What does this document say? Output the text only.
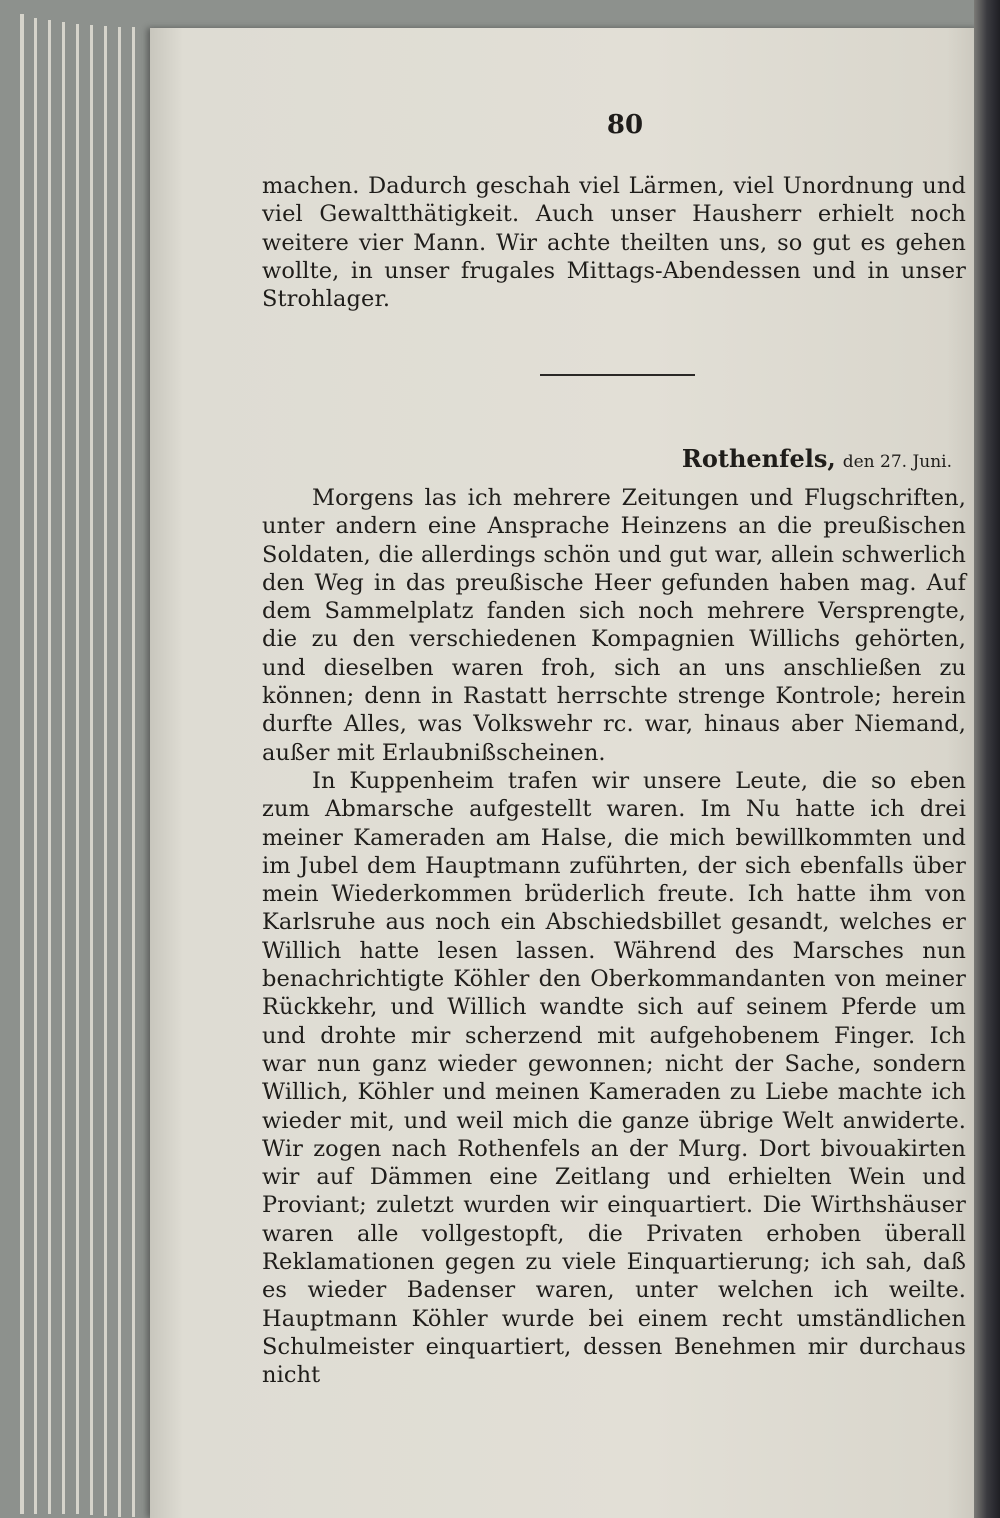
80

machen. Dadurch geschah viel Lärmen, viel Unordnung und viel Gewaltthätigkeit. Auch unser Hausherr erhielt noch weitere vier Mann. Wir achte theilten uns, so gut es gehen wollte, in unser frugales Mittags-Abendessen und in unser Strohlager.

Rothenfels, den 27. Juni.

Morgens las ich mehrere Zeitungen und Flugschriften, unter andern eine Ansprache Heinzens an die preußischen Soldaten, die allerdings schön und gut war, allein schwerlich den Weg in das preußische Heer gefunden haben mag. Auf dem Sammelplatz fanden sich noch mehrere Versprengte, die zu den verschiedenen Kompagnien Willichs gehörten, und dieselben waren froh, sich an uns anschließen zu können; denn in Rastatt herrschte strenge Kontrole; herein durfte Alles, was Volkswehr rc. war, hinaus aber Niemand, außer mit Erlaubnißscheinen.

In Kuppenheim trafen wir unsere Leute, die so eben zum Abmarsche aufgestellt waren. Im Nu hatte ich drei meiner Kameraden am Halse, die mich bewillkommten und im Jubel dem Hauptmann zuführten, der sich ebenfalls über mein Wiederkommen brüderlich freute. Ich hatte ihm von Karlsruhe aus noch ein Abschiedsbillet gesandt, welches er Willich hatte lesen lassen. Während des Marsches nun benachrichtigte Köhler den Oberkommandanten von meiner Rückkehr, und Willich wandte sich auf seinem Pferde um und drohte mir scherzend mit aufgehobenem Finger. Ich war nun ganz wieder gewonnen; nicht der Sache, sondern Willich, Köhler und meinen Kameraden zu Liebe machte ich wieder mit, und weil mich die ganze übrige Welt anwiderte. Wir zogen nach Rothenfels an der Murg. Dort bivouakirten wir auf Dämmen eine Zeitlang und erhielten Wein und Proviant; zuletzt wurden wir einquartiert. Die Wirthshäuser waren alle vollgestopft, die Privaten erhoben überall Reklamationen gegen zu viele Einquartierung; ich sah, daß es wieder Badenser waren, unter welchen ich weilte. Hauptmann Köhler wurde bei einem recht umständlichen Schulmeister einquartiert, dessen Benehmen mir durchaus nicht
